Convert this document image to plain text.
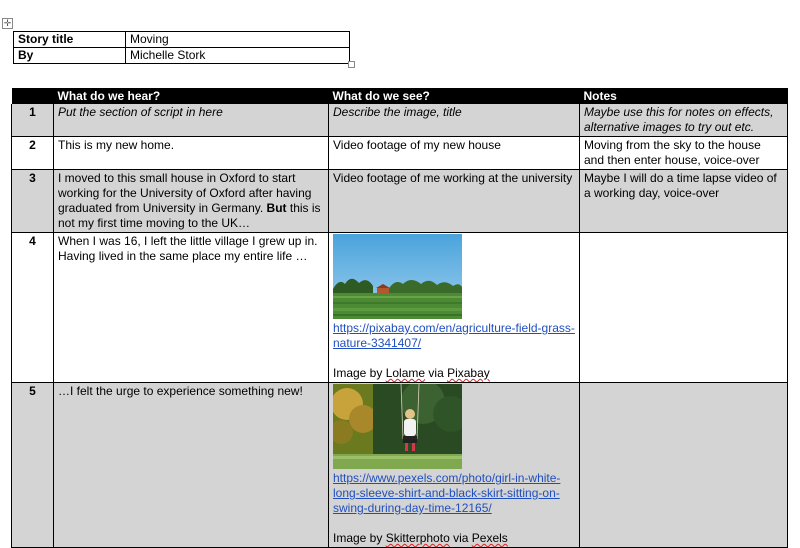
✛
Story title	Moving
By	Michelle Stork
	What do we hear?	What do we see?	Notes
1	Put the section of script in here	Describe the image, title	Maybe use this for notes on effects, alternative images to try out etc.
2	This is my new home.	Video footage of my new house	Moving from the sky to the house and then enter house, voice-over
3	I moved to this small house in Oxford to start working for the University of Oxford after having graduated from University in Germany. But this is not my first time moving to the UK…	Video footage of me working at the university	Maybe I will do a time lapse video of a working day, voice-over
4	When I was 16, I left the little village I grew up in. Having lived in the same place my entire life …	https://pixabay.com/en/agriculture-field-grass-nature-3341407/
Image by Lolame via Pixabay	

5	…I felt the urge to experience something new!	https://www.pexels.com/photo/girl-in-white-long-sleeve-shirt-and-black-skirt-sitting-on-swing-during-day-time-12165/
Image by Skitterphoto via Pexels	
